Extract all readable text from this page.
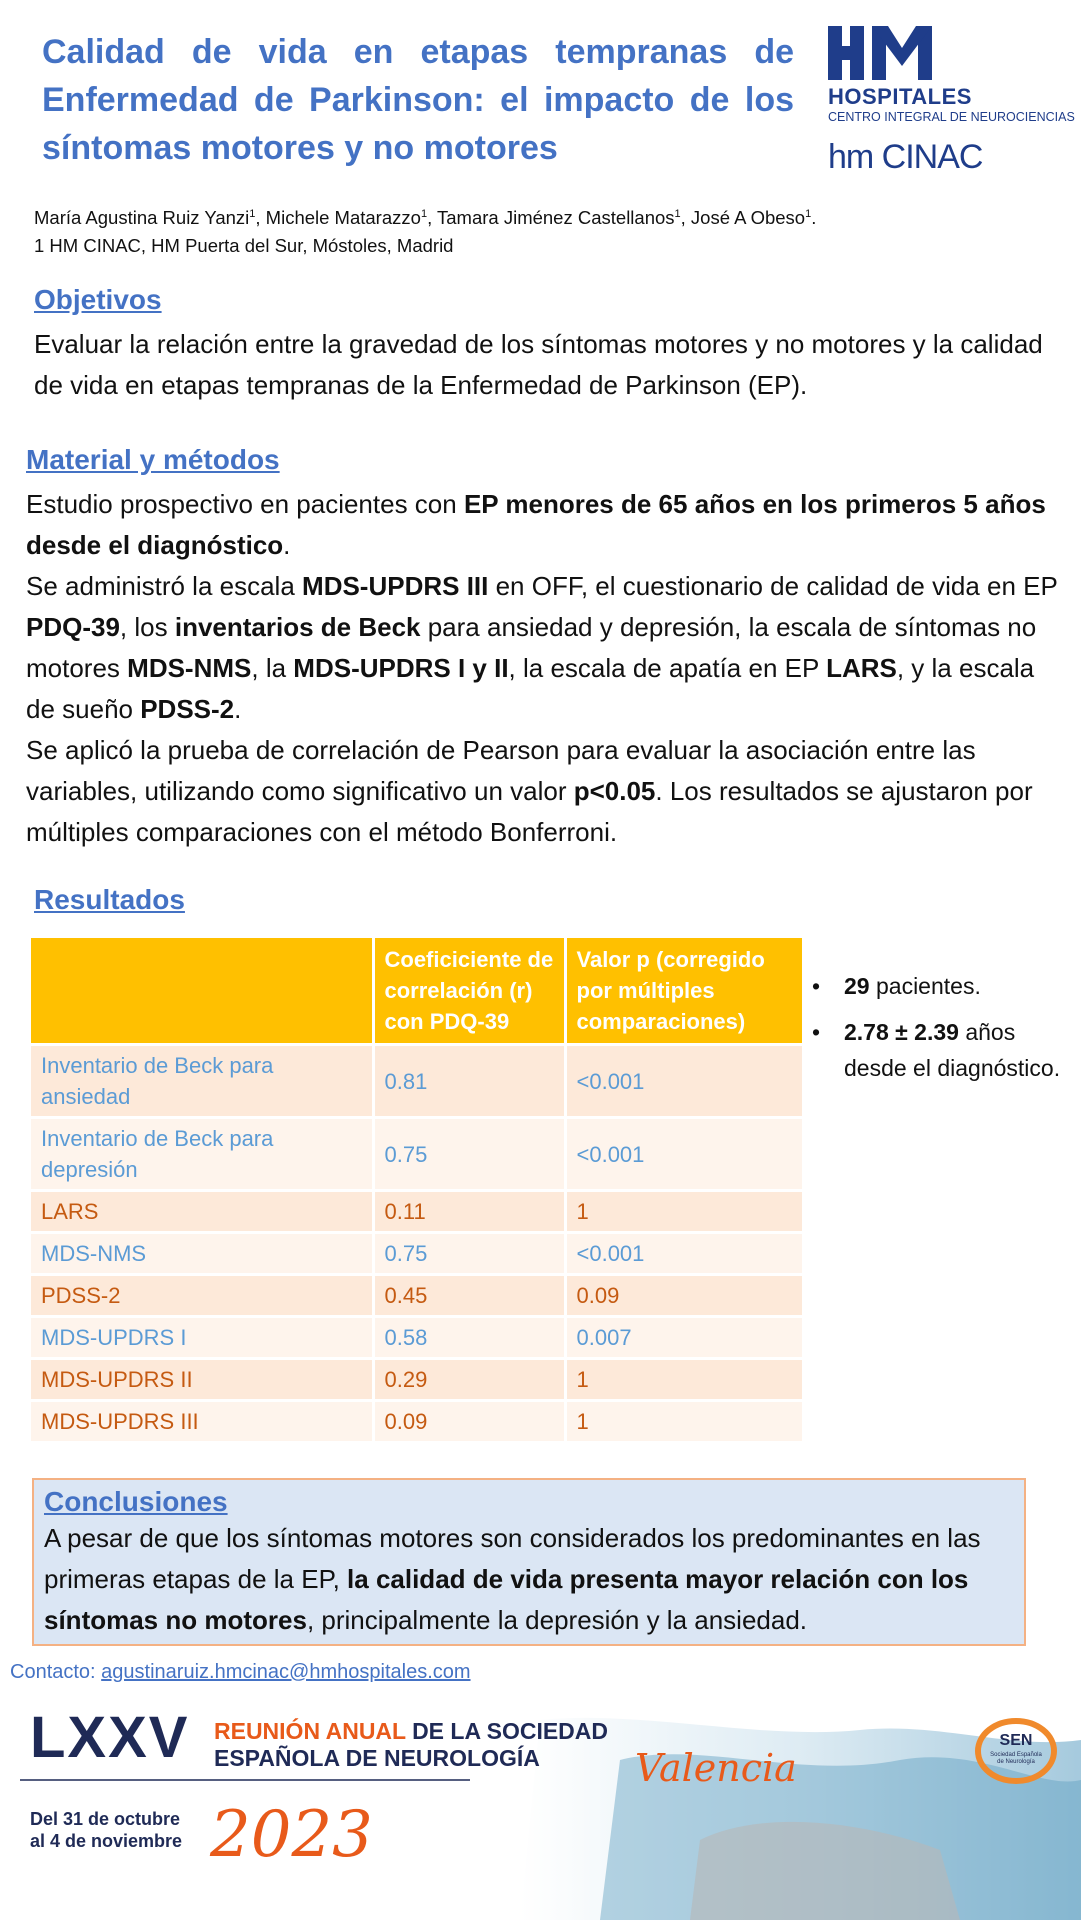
Calidad de vida en etapas tempranas de Enfermedad de Parkinson: el impacto de los síntomas motores y no motores
HOSPITALES
CENTRO INTEGRAL DE NEUROCIENCIAS
hm CINAC
María Agustina Ruiz Yanzi$^1$, Michele Matarazzo$^1$, Tamara Jiménez Castellanos$^1$, José A Obeso$^1$.
1 HM CINAC, HM Puerta del Sur, Móstoles, Madrid
Objetivos
Evaluar la relación entre la gravedad de los síntomas motores y no motores y la calidad de vida en etapas tempranas de la Enfermedad de Parkinson (EP).
Material y métodos
Estudio prospectivo en pacientes con EP menores de 65 años en los primeros 5 años desde el diagnóstico.
Se administró la escala MDS-UPDRS III en OFF, el cuestionario de calidad de vida en EP PDQ-39, los inventarios de Beck para ansiedad y depresión, la escala de síntomas no motores MDS-NMS, la MDS-UPDRS I y II, la escala de apatía en EP LARS, y la escala de sueño PDSS-2.
Se aplicó la prueba de correlación de Pearson para evaluar la asociación entre las variables, utilizando como significativo un valor p<0.05. Los resultados se ajustaron por múltiples comparaciones con el método Bonferroni.
Resultados
	Coeficiciente de correlación (r) con PDQ-39	Valor p (corregido por múltiples comparaciones)
Inventario de Beck para ansiedad	0.81	<0.001
Inventario de Beck para depresión	0.75	<0.001
LARS	0.11	1
MDS-NMS	0.75	<0.001
PDSS-2	0.45	0.09
MDS-UPDRS I	0.58	0.007
MDS-UPDRS II	0.29	1
MDS-UPDRS III	0.09	1
•	29 pacientes.
•	2.78 ± 2.39 años desde el diagnóstico.
Conclusiones
A pesar de que los síntomas motores son considerados los predominantes en las primeras etapas de la EP, la calidad de vida presenta mayor relación con los síntomas no motores, principalmente la depresión y la ansiedad.
Contacto: agustinaruiz.hmcinac@hmhospitales.com
LXXV REUNIÓN ANUAL DE LA SOCIEDAD
ESPAÑOLA DE NEUROLOGÍA	Valencia
Del 31 de octubre
al 4 de noviembre 2023
SEN
Sociedad Española
de Neurología
